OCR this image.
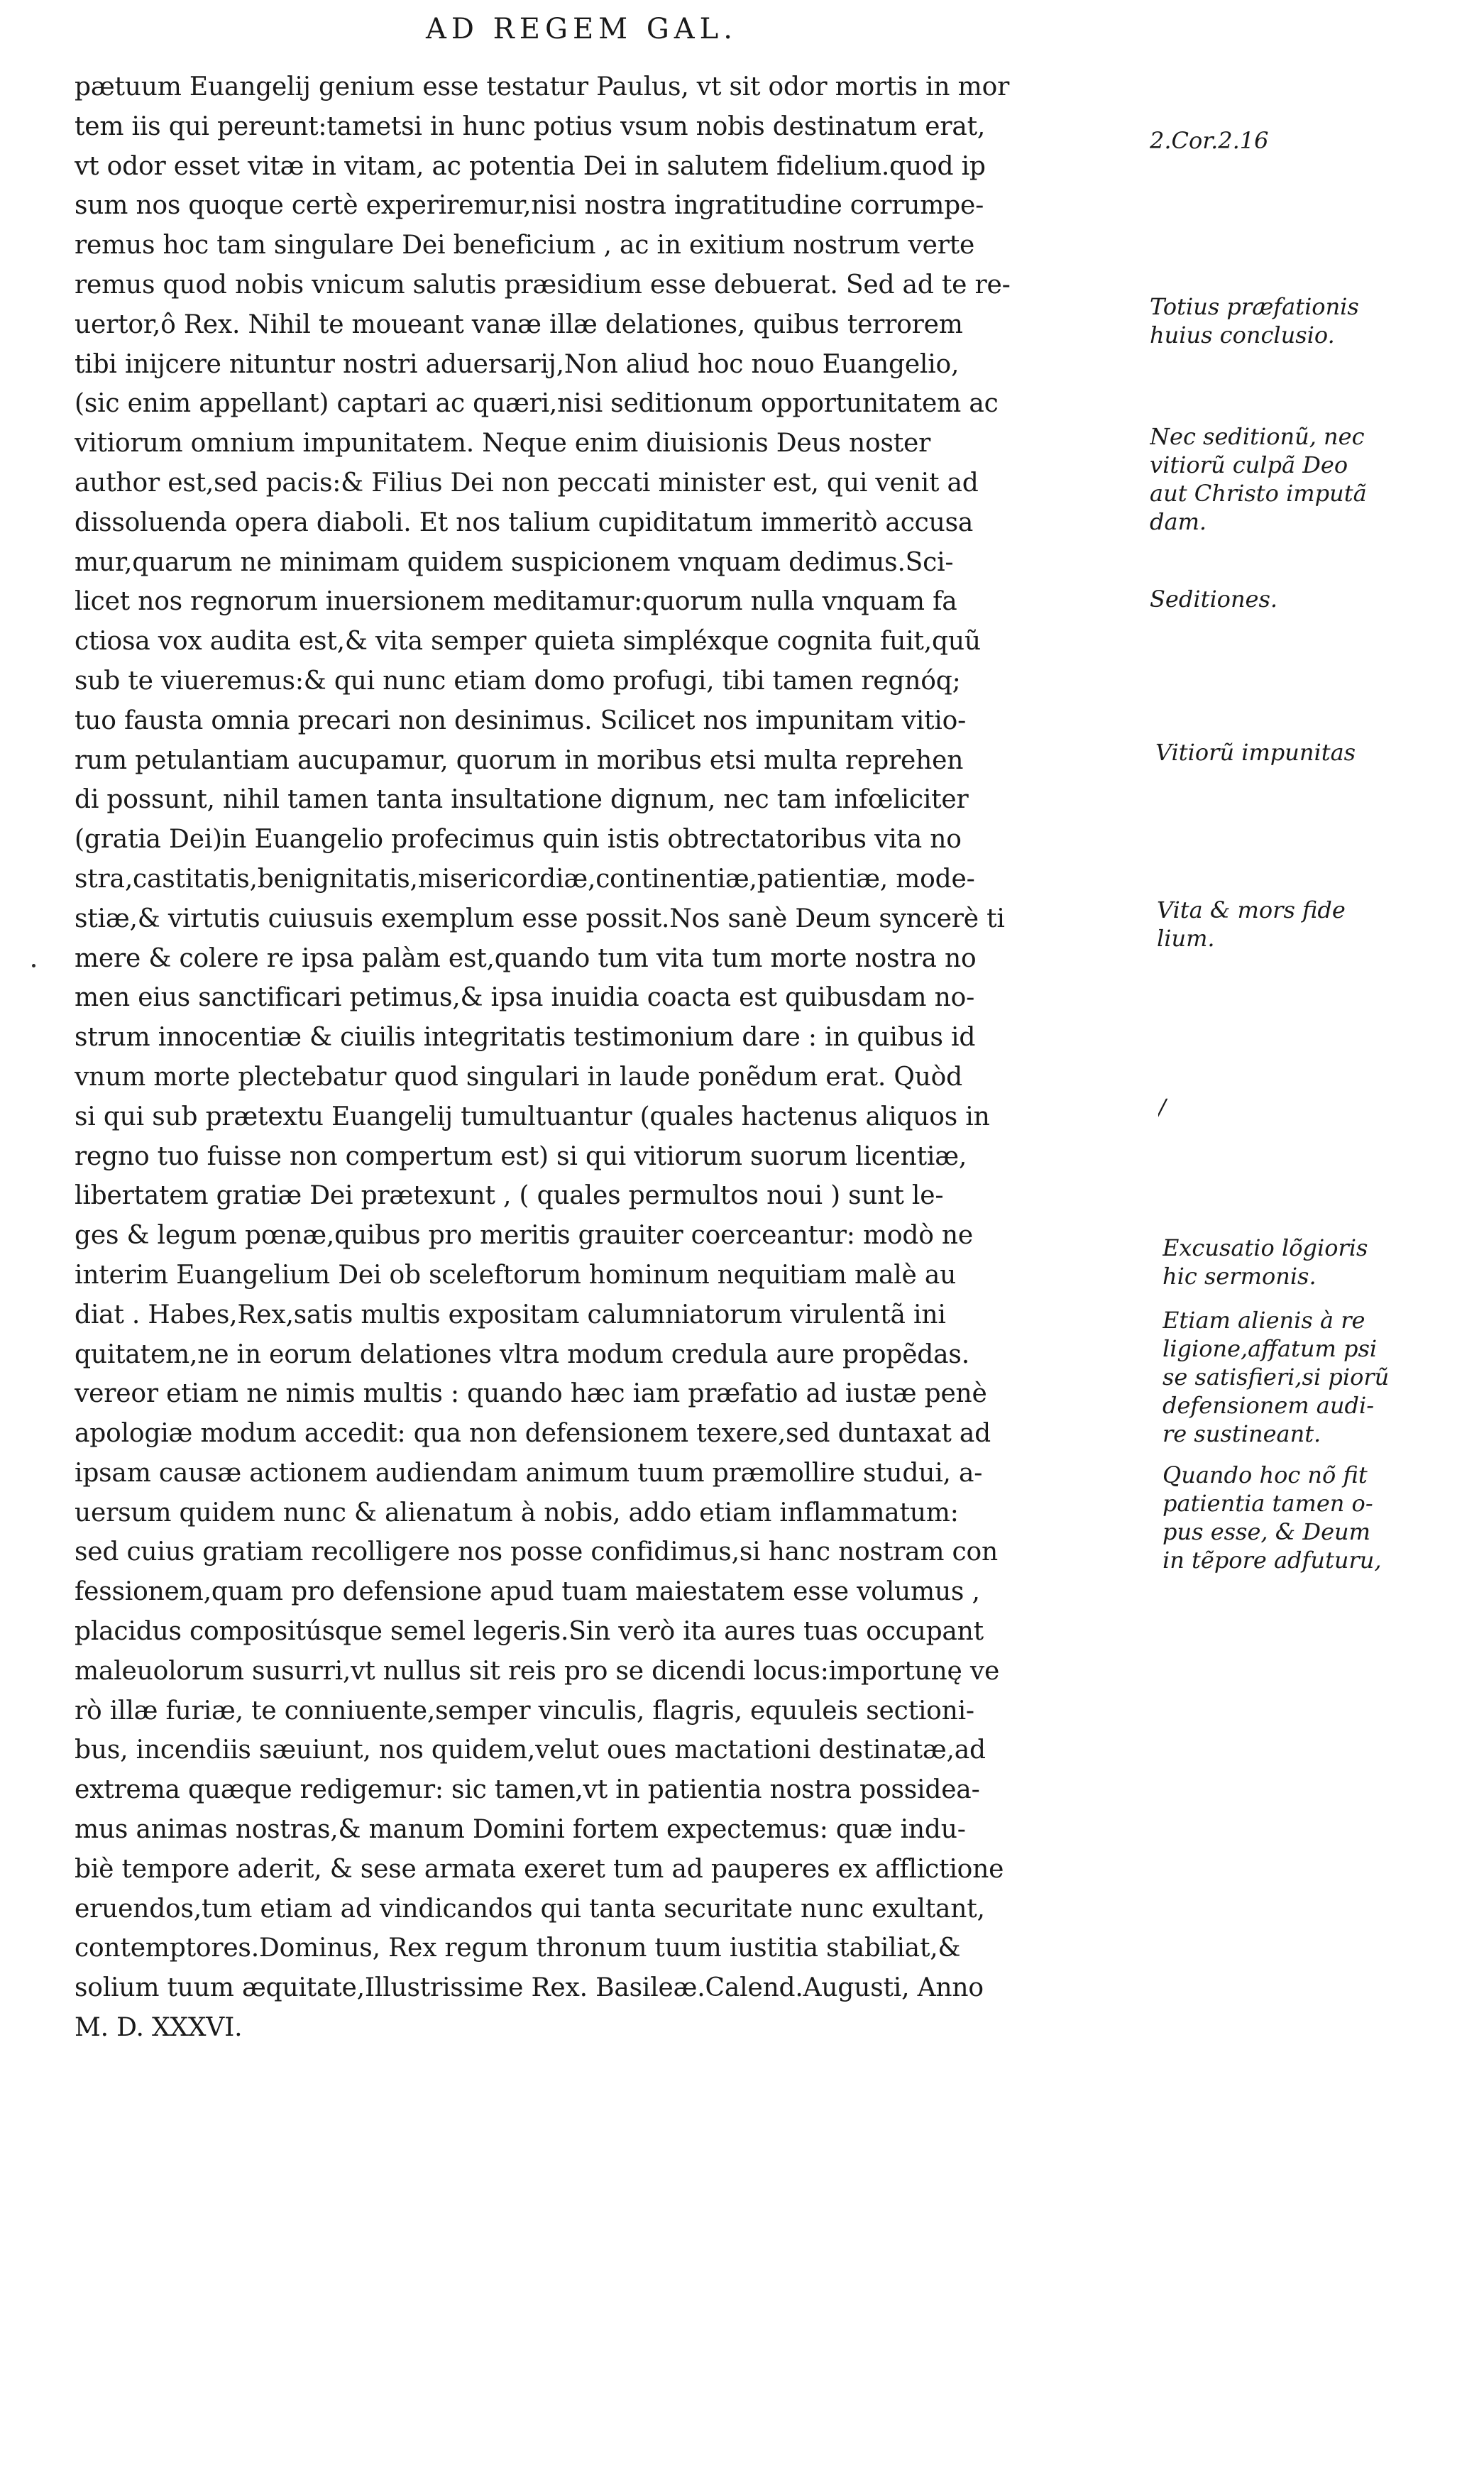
AD REGEM GAL.
pætuum Euangelij genium esse testatur Paulus, vt sit odor mortis in mor
tem iis qui pereunt:tametsi in hunc potius vsum nobis destinatum erat,
vt odor esset vitæ in vitam, ac potentia Dei in salutem fidelium.quod ip
sum nos quoque certè experiremur,nisi nostra ingratitudine corrumpe-
remus hoc tam singulare Dei beneficium , ac in exitium nostrum verte
remus quod nobis vnicum salutis præsidium esse debuerat. Sed ad te re-
uertor,ô Rex. Nihil te moueant vanæ illæ delationes, quibus terrorem
tibi inijcere nituntur nostri aduersarij,Non aliud hoc nouo Euangelio,
(sic enim appellant) captari ac quæri,nisi seditionum opportunitatem ac
vitiorum omnium impunitatem. Neque enim diuisionis Deus noster
author est,sed pacis:& Filius Dei non peccati minister est, qui venit ad
dissoluenda opera diaboli. Et nos talium cupiditatum immeritò accusa
mur,quarum ne minimam quidem suspicionem vnquam dedimus.Sci-
licet nos regnorum inuersionem meditamur:quorum nulla vnquam fa
ctiosa vox audita est,& vita semper quieta simpléxque cognita fuit,quũ
sub te viueremus:& qui nunc etiam domo profugi, tibi tamen regnóq;
tuo fausta omnia precari non desinimus. Scilicet nos impunitam vitio-
rum petulantiam aucupamur, quorum in moribus etsi multa reprehen
di possunt, nihil tamen tanta insultatione dignum, nec tam infœliciter
(gratia Dei)in Euangelio profecimus quin istis obtrectatoribus vita no
stra,castitatis,benignitatis,misericordiæ,continentiæ,patientiæ, mode-
stiæ,& virtutis cuiusuis exemplum esse possit.Nos sanè Deum syncerè ti
mere & colere re ipsa palàm est,quando tum vita tum morte nostra no
men eius sanctificari petimus,& ipsa inuidia coacta est quibusdam no-
strum innocentiæ & ciuilis integritatis testimonium dare : in quibus id
vnum morte plectebatur quod singulari in laude ponẽdum erat. Quòd
si qui sub prætextu Euangelij tumultuantur (quales hactenus aliquos in
regno tuo fuisse non compertum est) si qui vitiorum suorum licentiæ,
libertatem gratiæ Dei prætexunt , ( quales permultos noui ) sunt le-
ges & legum pœnæ,quibus pro meritis grauiter coerceantur: modò ne
interim Euangelium Dei ob sceleftorum hominum nequitiam malè au
diat . Habes,Rex,satis multis expositam calumniatorum virulentã ini
quitatem,ne in eorum delationes vltra modum credula aure propẽdas.
vereor etiam ne nimis multis : quando hæc iam præfatio ad iustæ penè
apologiæ modum accedit: qua non defensionem texere,sed duntaxat ad
ipsam causæ actionem audiendam animum tuum præmollire studui, a-
uersum quidem nunc & alienatum à nobis, addo etiam inflammatum:
sed cuius gratiam recolligere nos posse confidimus,si hanc nostram con
fessionem,quam pro defensione apud tuam maiestatem esse volumus ,
placidus compositúsque semel legeris.Sin verò ita aures tuas occupant
maleuolorum susurri,vt nullus sit reis pro se dicendi locus:importunę ve
rò illæ furiæ, te conniuente,semper vinculis, flagris, equuleis sectioni-
bus, incendiis sæuiunt, nos quidem,velut oues mactationi destinatæ,ad
extrema quæque redigemur: sic tamen,vt in patientia nostra possidea-
mus animas nostras,& manum Domini fortem expectemus: quæ indu-
biè tempore aderit, & sese armata exeret tum ad pauperes ex afflictione
eruendos,tum etiam ad vindicandos qui tanta securitate nunc exultant,
contemptores.Dominus, Rex regum thronum tuum iustitia stabiliat,&
solium tuum æquitate,Illustrissime Rex. Basileæ.Calend.Augusti, Anno
M. D. XXXVI.
2.Cor.2.16
Totius præfationis
huius conclusio.
Nec seditionũ, nec
vitiorũ culpã Deo
aut Christo imputã
dam.
Seditiones.
Vitiorũ impunitas
Vita & mors fide
lium.
/
Excusatio lõgioris
hic sermonis.
Etiam alienis à re
ligione,affatum psi
se satisfieri,si piorũ
defensionem audi-
re sustineant.
Quando hoc nõ fit
patientia tamen o-
pus esse, & Deum
in tẽpore adfuturu,
